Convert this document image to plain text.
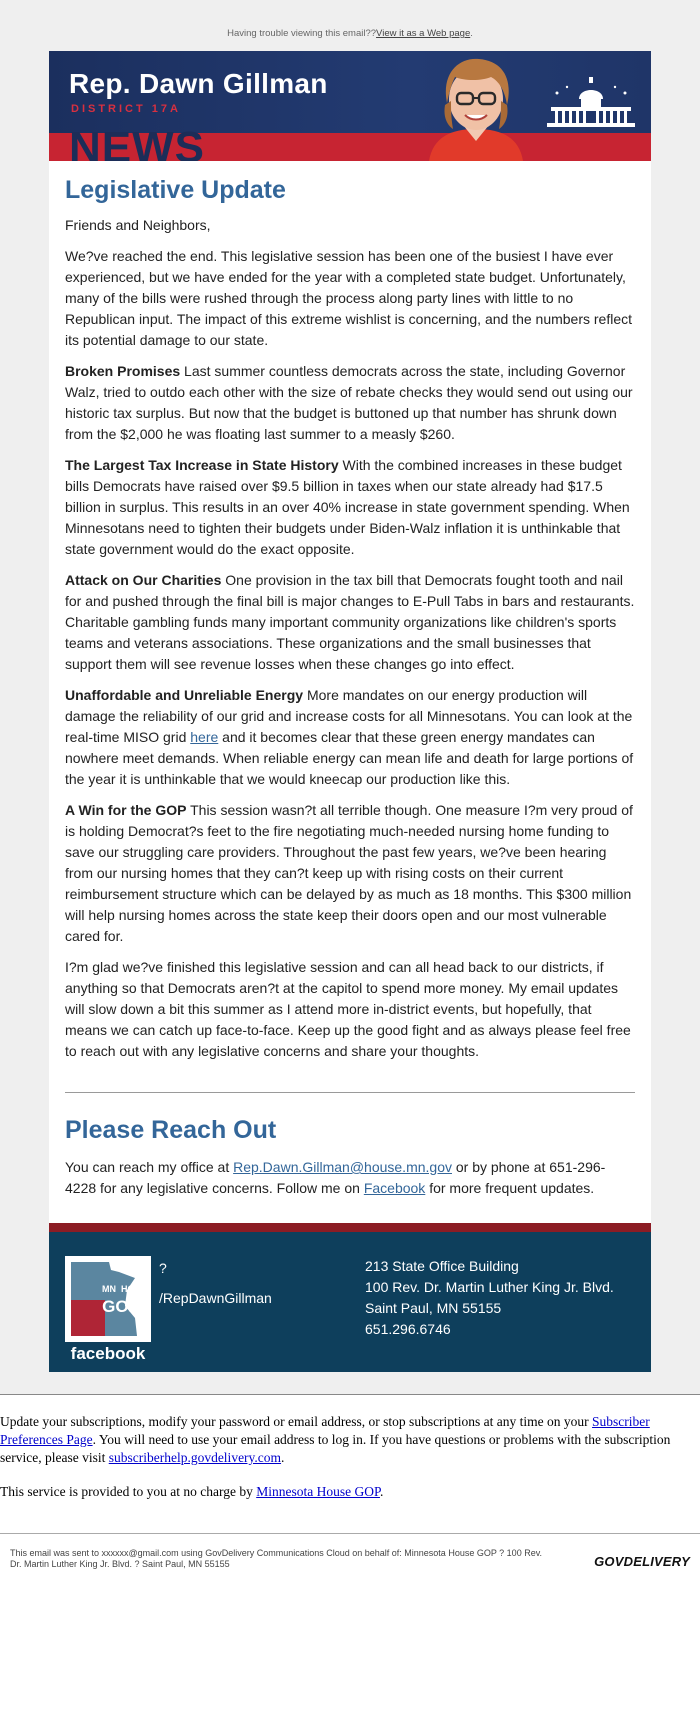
Having trouble viewing this email??View it as a Web page.
NEWS
Rep. Dawn Gillman
DISTRICT 17A
Legislative Update

Friends and Neighbors,

We?ve reached the end. This legislative session has been one of the busiest I have ever experienced, but we have ended for the year with a completed state budget. Unfortunately, many of the bills were rushed through the process along party lines with little to no Republican input. The impact of this extreme wishlist is concerning, and the numbers reflect its potential damage to our state.

Broken Promises Last summer countless democrats across the state, including Governor Walz, tried to outdo each other with the size of rebate checks they would send out using our historic tax surplus. But now that the budget is buttoned up that number has shrunk down from the $2,000 he was floating last summer to a measly $260.

The Largest Tax Increase in State History With the combined increases in these budget bills Democrats have raised over $9.5 billion in taxes when our state already had $17.5 billion in surplus. This results in an over 40% increase in state government spending. When Minnesotans need to tighten their budgets under Biden-Walz inflation it is unthinkable that state government would do the exact opposite.

Attack on Our Charities One provision in the tax bill that Democrats fought tooth and nail for and pushed through the final bill is major changes to E-Pull Tabs in bars and restaurants. Charitable gambling funds many important community organizations like children's sports teams and veterans associations. These organizations and the small businesses that support them will see revenue losses when these changes go into effect.

Unaffordable and Unreliable Energy More mandates on our energy production will damage the reliability of our grid and increase costs for all Minnesotans. You can look at the real-time MISO grid here and it becomes clear that these green energy mandates can nowhere meet demands. When reliable energy can mean life and death for large portions of the year it is unthinkable that we would kneecap our production like this.

A Win for the GOP This session wasn?t all terrible though. One measure I?m very proud of is holding Democrat?s feet to the fire negotiating much-needed nursing home funding to save our struggling care providers. Throughout the past few years, we?ve been hearing from our nursing homes that they can?t keep up with rising costs on their current reimbursement structure which can be delayed by as much as 18 months. This $300 million will help nursing homes across the state keep their doors open and our most vulnerable cared for.

I?m glad we?ve finished this legislative session and can all head back to our districts, if anything so that Democrats aren?t at the capitol to spend more money. My email updates will slow down a bit this summer as I attend more in-district events, but hopefully, that means we can catch up face-to-face. Keep up the good fight and as always please feel free to reach out with any legislative concerns and share your thoughts.

Please Reach Out

You can reach my office at Rep.Dawn.Gillman@house.mn.gov or by phone at 651-296-4228 for any legislative concerns. Follow me on Facebook for more frequent updates.

MN HOUSE
GOP
facebook
?
/RepDawnGillman
213 State Office Building
100 Rev. Dr. Martin Luther King Jr. Blvd.
Saint Paul, MN 55155
651.296.6746

Update your subscriptions, modify your password or email address, or stop subscriptions at any time on your Subscriber Preferences Page. You will need to use your email address to log in. If you have questions or problems with the subscription service, please visit subscriberhelp.govdelivery.com.

This service is provided to you at no charge by Minnesota House GOP.

This email was sent to xxxxxx@gmail.com using GovDelivery Communications Cloud on behalf of: Minnesota House GOP ? 100 Rev. Dr. Martin Luther King Jr. Blvd. ? Saint Paul, MN 55155	GOVDELIVERY
